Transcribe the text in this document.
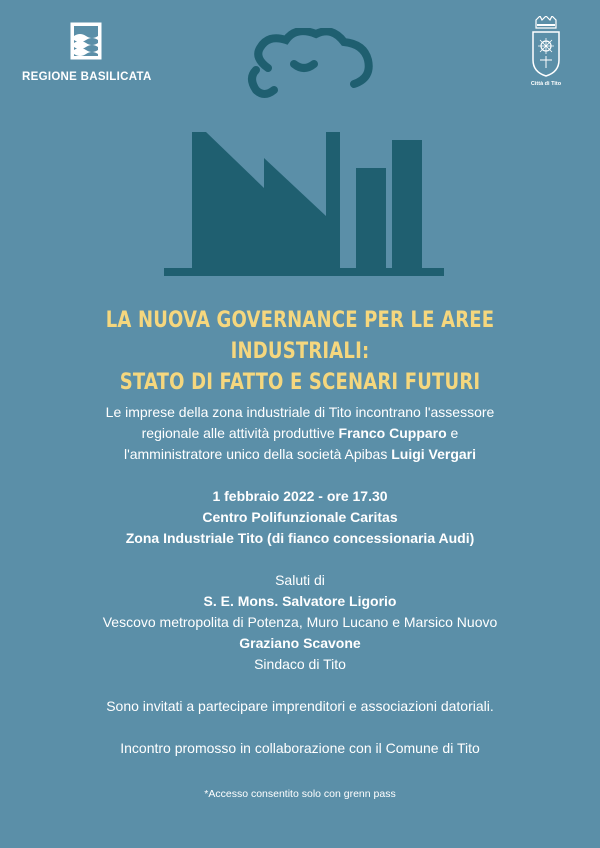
REGIONE BASILICATA
Città di Tito
LA NUOVA GOVERNANCE PER LE AREE INDUSTRIALI:
STATO DI FATTO E SCENARI FUTURI

Le imprese della zona industriale di Tito incontrano l'assessore
regionale alle attività produttive Franco Cupparo e
l'amministratore unico della società Apibas Luigi Vergari

1 febbraio 2022 - ore 17.30
Centro Polifunzionale Caritas
Zona Industriale Tito (di fianco concessionaria Audi)

Saluti di
S. E. Mons. Salvatore Ligorio
Vescovo metropolita di Potenza, Muro Lucano e Marsico Nuovo
Graziano Scavone
Sindaco di Tito

Sono invitati a partecipare imprenditori e associazioni datoriali.

Incontro promosso in collaborazione con il Comune di Tito

*Accesso consentito solo con grenn pass
